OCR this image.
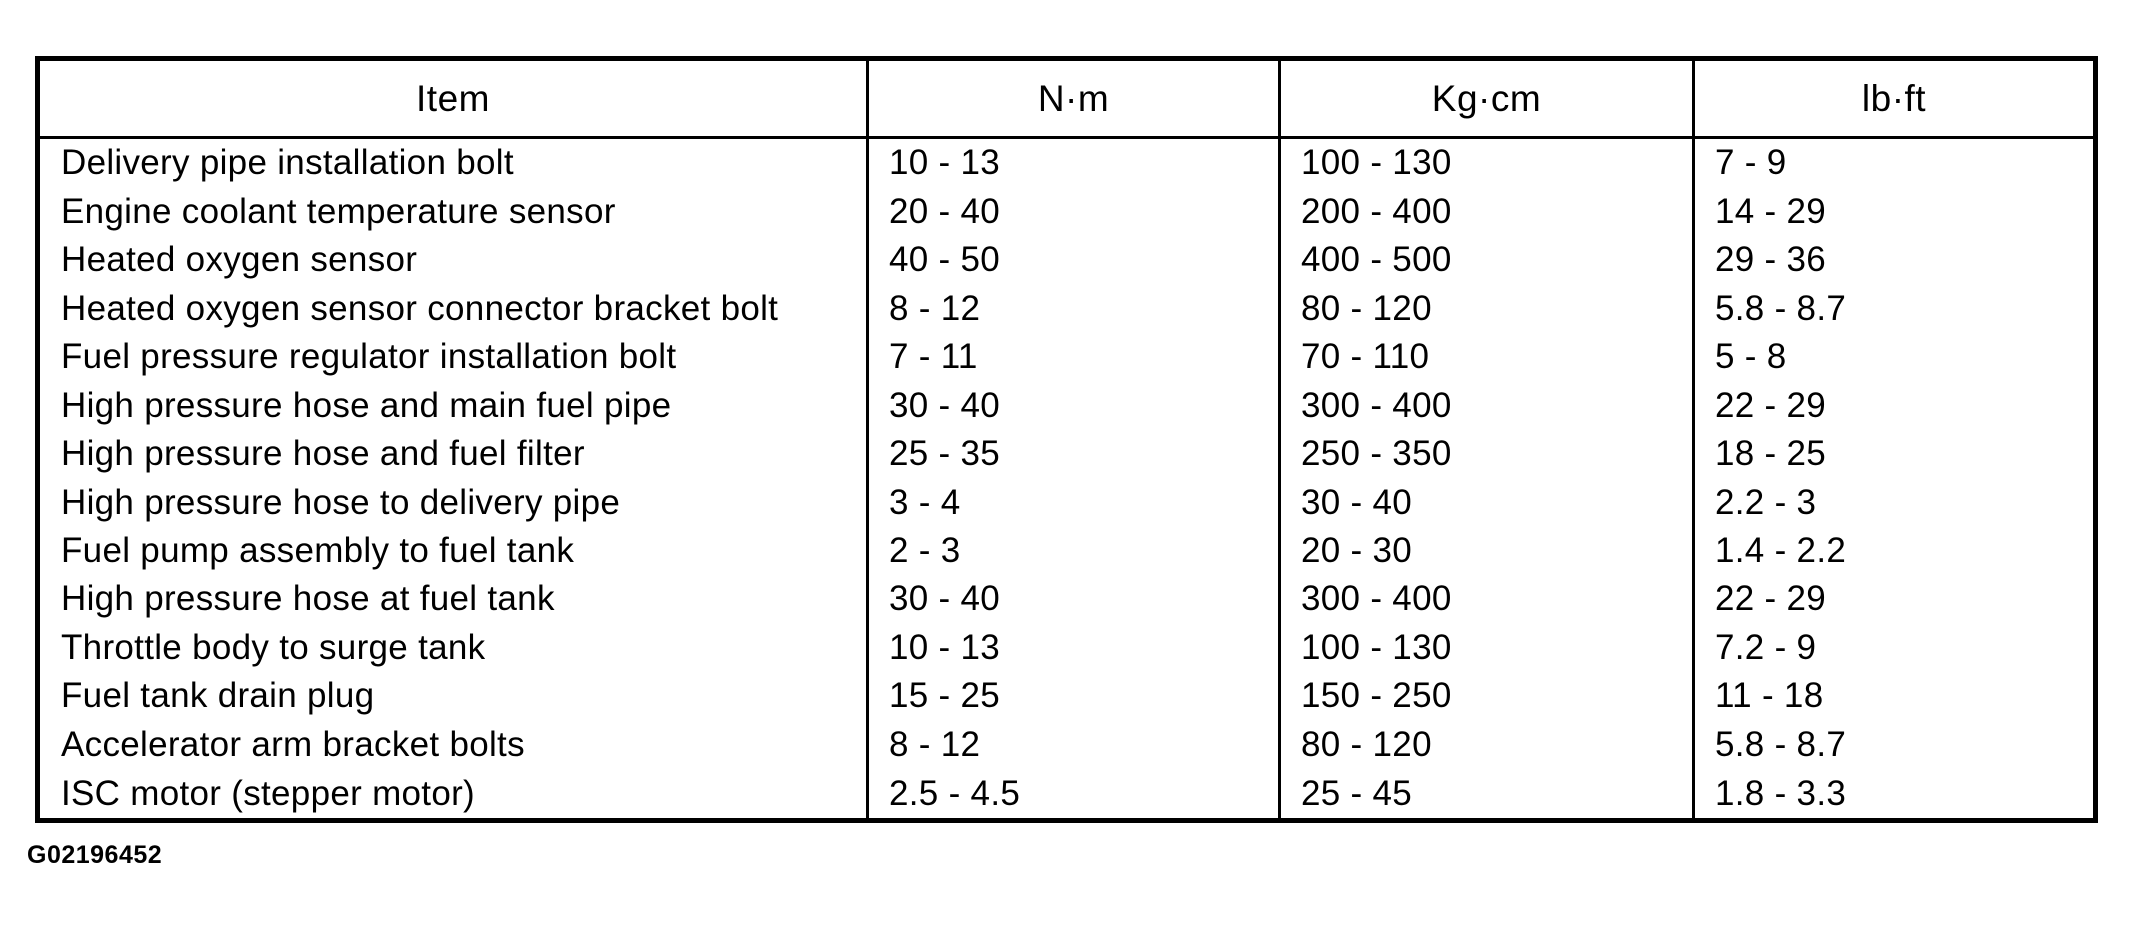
Item	N·m	Kg·cm	lb·ft
Delivery pipe installation bolt	10 - 13	100 - 130	7 - 9
Engine coolant temperature sensor	20 - 40	200 - 400	14 - 29
Heated oxygen sensor	40 - 50	400 - 500	29 - 36
Heated oxygen sensor connector bracket bolt	8 - 12	80 - 120	5.8 - 8.7
Fuel pressure regulator installation bolt	7 - 11	70 - 110	5 - 8
High pressure hose and main fuel pipe	30 - 40	300 - 400	22 - 29
High pressure hose and fuel filter	25 - 35	250 - 350	18 - 25
High pressure hose to delivery pipe	3 - 4	30 - 40	2.2 - 3
Fuel pump assembly to fuel tank	2 - 3	20 - 30	1.4 - 2.2
High pressure hose at fuel tank	30 - 40	300 - 400	22 - 29
Throttle body to surge tank	10 - 13	100 - 130	7.2 - 9
Fuel tank drain plug	15 - 25	150 - 250	11 - 18
Accelerator arm bracket bolts	8 - 12	80 - 120	5.8 - 8.7
ISC motor (stepper motor)	2.5 - 4.5	25 - 45	1.8 - 3.3
G02196452
